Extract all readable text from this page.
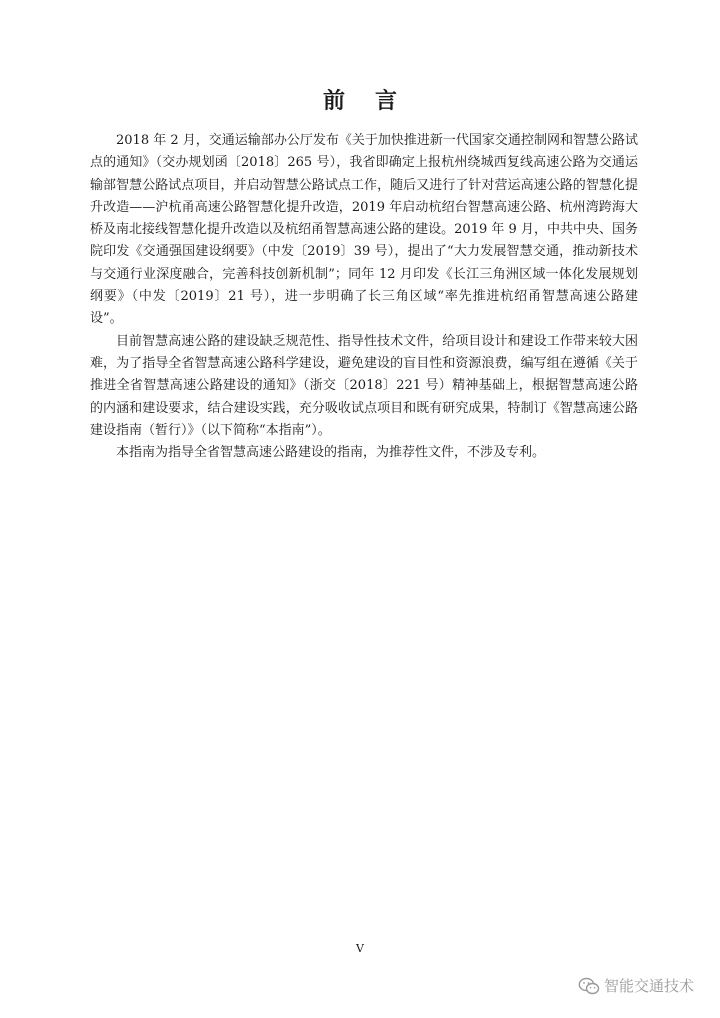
前言

2018 年 2 月，交通运输部办公厅发布《关于加快推进新一代国家交通控制网和智慧公路试点的通知》（交办规划函〔2018〕265 号），我省即确定上报杭州绕城西复线高速公路为交通运输部智慧公路试点项目，并启动智慧公路试点工作，随后又进行了针对营运高速公路的智慧化提升改造——沪杭甬高速公路智慧化提升改造，2019 年启动杭绍台智慧高速公路、杭州湾跨海大桥及南北接线智慧化提升改造以及杭绍甬智慧高速公路的建设。2019 年 9 月，中共中央、国务院印发《交通强国建设纲要》（中发〔2019〕39 号），提出了“大力发展智慧交通，推动新技术与交通行业深度融合，完善科技创新机制”；同年 12 月印发《长江三角洲区域一体化发展规划纲要》（中发〔2019〕21 号），进一步明确了长三角区域“率先推进杭绍甬智慧高速公路建设”。

目前智慧高速公路的建设缺乏规范性、指导性技术文件，给项目设计和建设工作带来较大困难，为了指导全省智慧高速公路科学建设，避免建设的盲目性和资源浪费，编写组在遵循《关于推进全省智慧高速公路建设的通知》（浙交〔2018〕221 号）精神基础上，根据智慧高速公路的内涵和建设要求，结合建设实践，充分吸收试点项目和既有研究成果，特制订《智慧高速公路建设指南（暂行）》（以下简称“本指南”）。

本指南为指导全省智慧高速公路建设的指南，为推荐性文件，不涉及专利。

V
智能交通技术
